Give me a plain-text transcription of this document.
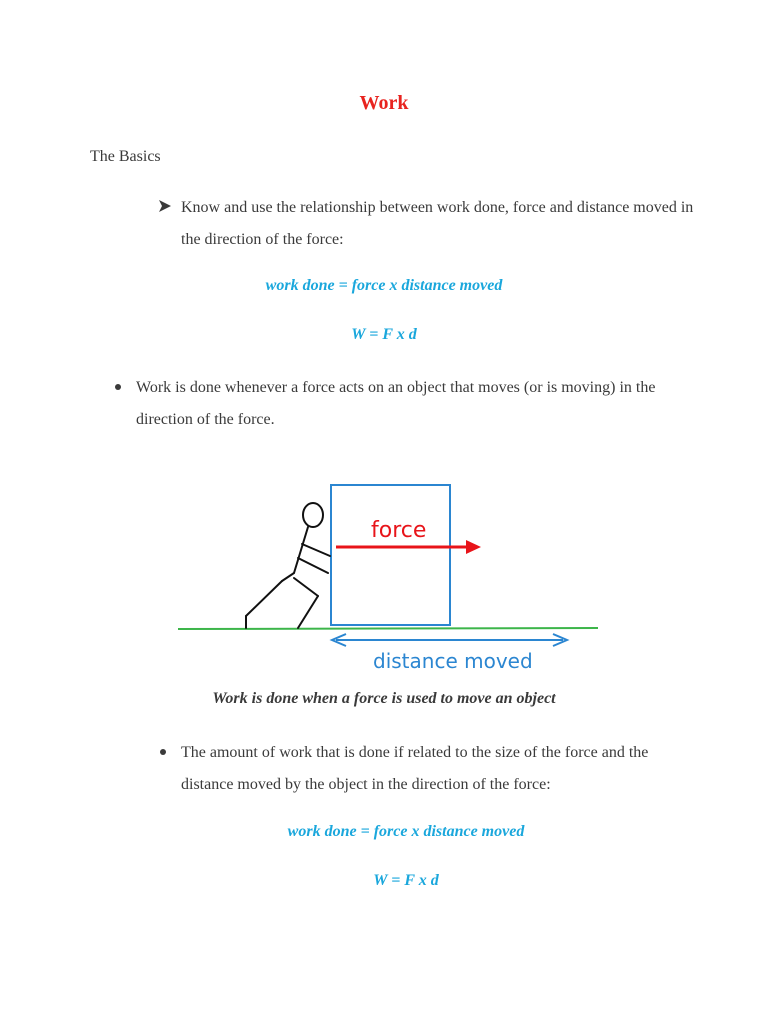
Work
The Basics
Know and use the relationship between work done, force and distance moved in the direction of the force:
work done = force x distance moved
W = F x d
Work is done whenever a force acts on an object that moves (or is moving) in the direction of the force.
force
distance moved
Work is done when a force is used to move an object
The amount of work that is done if related to the size of the force and the distance moved by the object in the direction of the force:
work done = force x distance moved
W = F x d
